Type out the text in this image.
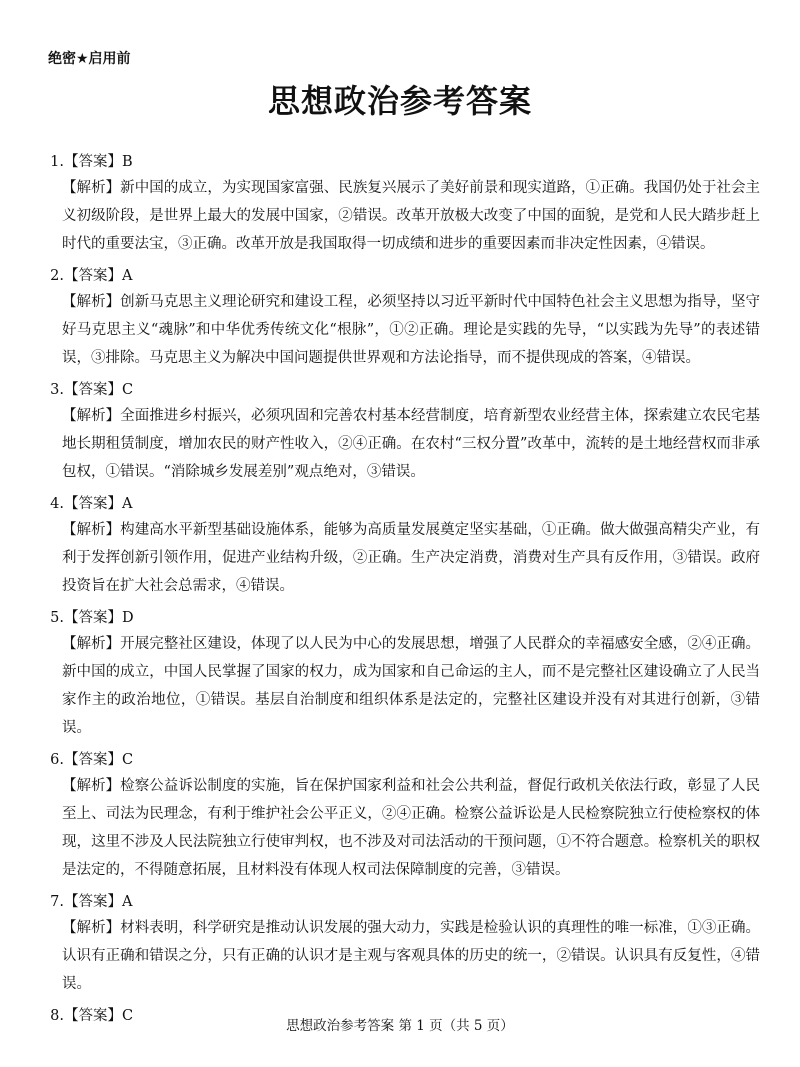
绝密★启用前
思想政治参考答案
1.【答案】B
【解析】新中国的成立，为实现国家富强、民族复兴展示了美好前景和现实道路，①正确。我国仍处于社会主义初级阶段，是世界上最大的发展中国家，②错误。改革开放极大改变了中国的面貌，是党和人民大踏步赶上时代的重要法宝，③正确。改革开放是我国取得一切成绩和进步的重要因素而非决定性因素，④错误。
2.【答案】A
【解析】创新马克思主义理论研究和建设工程，必须坚持以习近平新时代中国特色社会主义思想为指导，坚守好马克思主义“魂脉”和中华优秀传统文化“根脉”，①②正确。理论是实践的先导，“以实践为先导”的表述错误，③排除。马克思主义为解决中国问题提供世界观和方法论指导，而不提供现成的答案，④错误。
3.【答案】C
【解析】全面推进乡村振兴，必须巩固和完善农村基本经营制度，培育新型农业经营主体，探索建立农民宅基地长期租赁制度，增加农民的财产性收入，②④正确。在农村“三权分置”改革中，流转的是土地经营权而非承包权，①错误。“消除城乡发展差别”观点绝对，③错误。
4.【答案】A
【解析】构建高水平新型基础设施体系，能够为高质量发展奠定坚实基础，①正确。做大做强高精尖产业，有利于发挥创新引领作用，促进产业结构升级，②正确。生产决定消费，消费对生产具有反作用，③错误。政府投资旨在扩大社会总需求，④错误。
5.【答案】D
【解析】开展完整社区建设，体现了以人民为中心的发展思想，增强了人民群众的幸福感安全感，②④正确。新中国的成立，中国人民掌握了国家的权力，成为国家和自己命运的主人，而不是完整社区建设确立了人民当家作主的政治地位，①错误。基层自治制度和组织体系是法定的，完整社区建设并没有对其进行创新，③错误。
6.【答案】C
【解析】检察公益诉讼制度的实施，旨在保护国家利益和社会公共利益，督促行政机关依法行政，彰显了人民至上、司法为民理念，有利于维护社会公平正义，②④正确。检察公益诉讼是人民检察院独立行使检察权的体现，这里不涉及人民法院独立行使审判权，也不涉及对司法活动的干预问题，①不符合题意。检察机关的职权是法定的，不得随意拓展，且材料没有体现人权司法保障制度的完善，③错误。
7.【答案】A
【解析】材料表明，科学研究是推动认识发展的强大动力，实践是检验认识的真理性的唯一标准，①③正确。认识有正确和错误之分，只有正确的认识才是主观与客观具体的历史的统一，②错误。认识具有反复性，④错误。
8.【答案】C
思想政治参考答案 第 1 页（共 5 页）
